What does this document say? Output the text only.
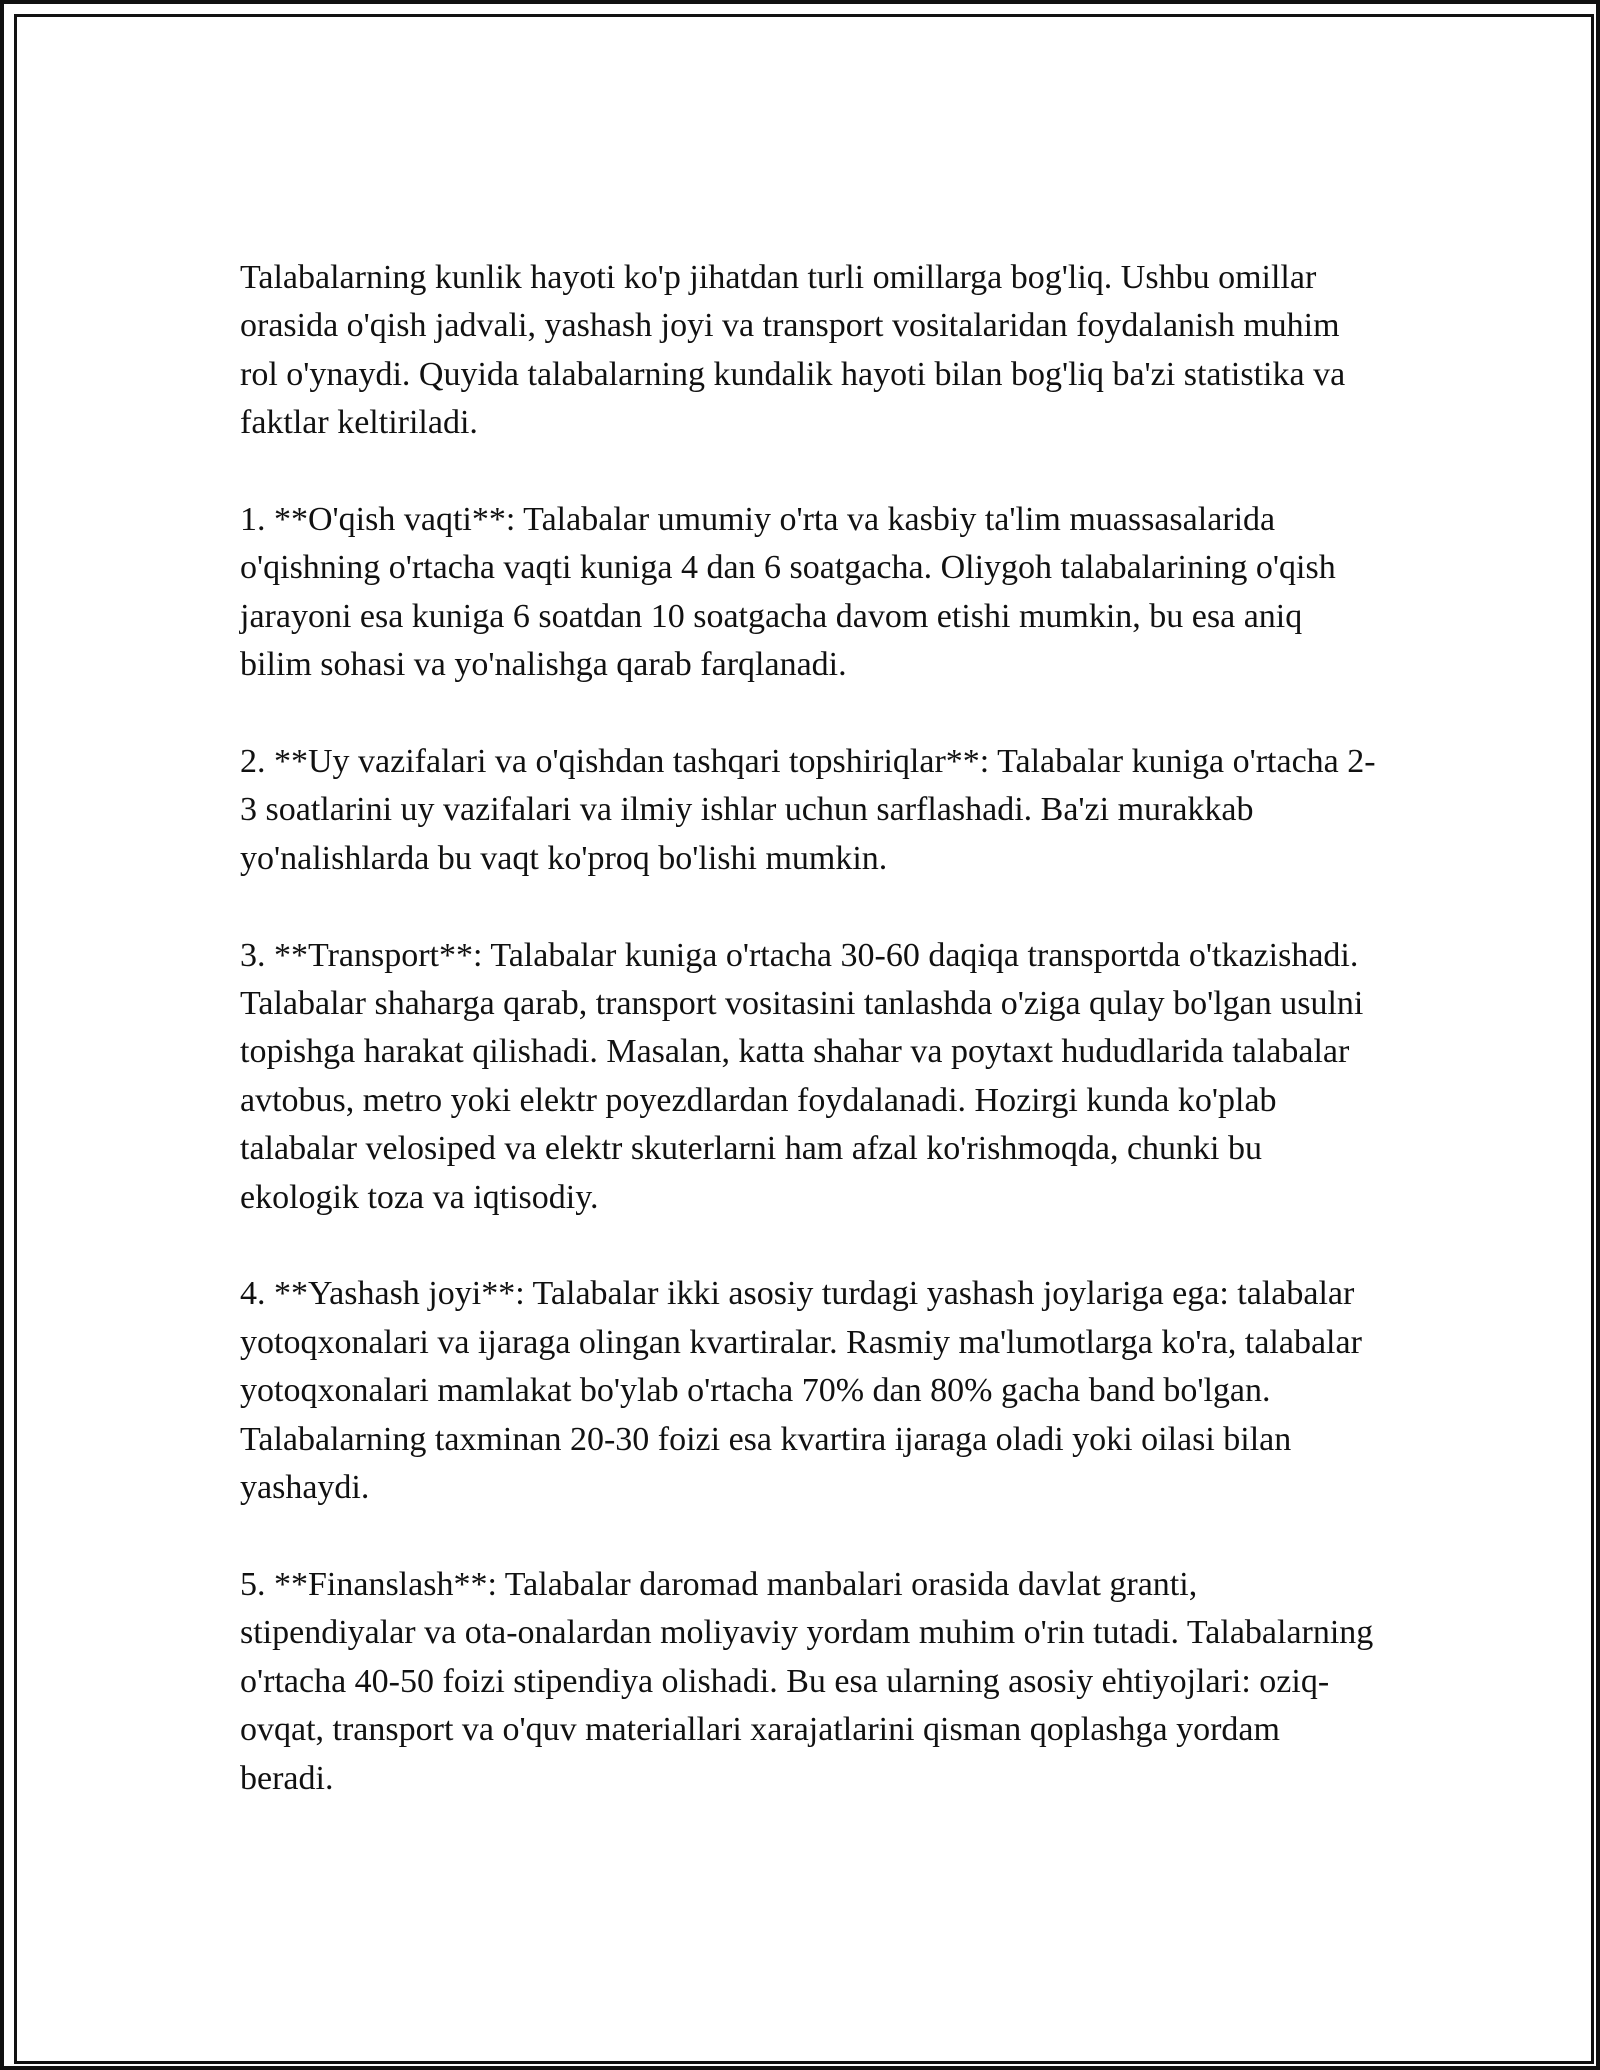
Talabalarning kunlik hayoti ko'p jihatdan turli omillarga bog'liq. Ushbu omillar orasida o'qish jadvali, yashash joyi va transport vositalaridan foydalanish muhim rol o'ynaydi. Quyida talabalarning kundalik hayoti bilan bog'liq ba'zi statistika va faktlar keltiriladi.

1. **O'qish vaqti**: Talabalar umumiy o'rta va kasbiy ta'lim muassasalarida o'qishning o'rtacha vaqti kuniga 4 dan 6 soatgacha. Oliygoh talabalarining o'qish jarayoni esa kuniga 6 soatdan 10 soatgacha davom etishi mumkin, bu esa aniq bilim sohasi va yo'nalishga qarab farqlanadi.

2. **Uy vazifalari va o'qishdan tashqari topshiriqlar**: Talabalar kuniga o'rtacha 2-3 soatlarini uy vazifalari va ilmiy ishlar uchun sarflashadi. Ba'zi murakkab yo'nalishlarda bu vaqt ko'proq bo'lishi mumkin.

3. **Transport**: Talabalar kuniga o'rtacha 30-60 daqiqa transportda o'tkazishadi. Talabalar shaharga qarab, transport vositasini tanlashda o'ziga qulay bo'lgan usulni topishga harakat qilishadi. Masalan, katta shahar va poytaxt hududlarida talabalar avtobus, metro yoki elektr poyezdlardan foydalanadi. Hozirgi kunda ko'plab talabalar velosiped va elektr skuterlarni ham afzal ko'rishmoqda, chunki bu ekologik toza va iqtisodiy.

4. **Yashash joyi**: Talabalar ikki asosiy turdagi yashash joylariga ega: talabalar yotoqxonalari va ijaraga olingan kvartiralar. Rasmiy ma'lumotlarga ko'ra, talabalar yotoqxonalari mamlakat bo'ylab o'rtacha 70% dan 80% gacha band bo'lgan. Talabalarning taxminan 20-30 foizi esa kvartira ijaraga oladi yoki oilasi bilan yashaydi.

5. **Finanslash**: Talabalar daromad manbalari orasida davlat granti, stipendiyalar va ota-onalardan moliyaviy yordam muhim o'rin tutadi. Talabalarning o'rtacha 40-50 foizi stipendiya olishadi. Bu esa ularning asosiy ehtiyojlari: oziq-ovqat, transport va o'quv materiallari xarajatlarini qisman qoplashga yordam beradi.
